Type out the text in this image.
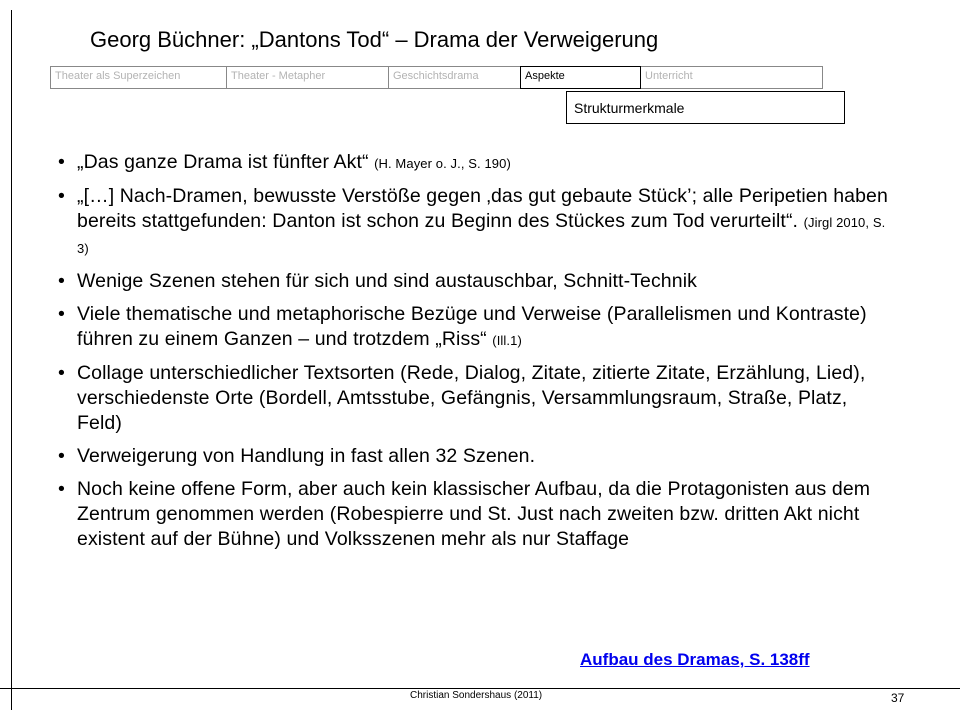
Georg Büchner: „Dantons Tod“ – Drama der Verweigerung
Theater als Superzeichen	Theater - Metapher	Geschichtsdrama	Aspekte	Unterricht
Strukturmerkmale
• „Das ganze Drama ist fünfter Akt“ (H. Mayer o. J., S. 190)
• „[…] Nach-Dramen, bewusste Verstöße gegen ‚das gut gebaute Stück’; alle Peripetien haben bereits stattgefunden: Danton ist schon zu Beginn des Stückes zum Tod verurteilt“. (Jirgl 2010, S. 3)
• Wenige Szenen stehen für sich und sind austauschbar, Schnitt-Technik
• Viele thematische und metaphorische Bezüge und Verweise (Parallelismen und Kontraste) führen zu einem Ganzen – und trotzdem „Riss“ (Ill.1)
• Collage unterschiedlicher Textsorten (Rede, Dialog, Zitate, zitierte Zitate, Erzählung, Lied), verschiedenste Orte (Bordell, Amtsstube, Gefängnis, Versammlungsraum, Straße, Platz, Feld)
• Verweigerung von Handlung in fast allen 32 Szenen.
• Noch keine offene Form, aber auch kein klassischer Aufbau, da die Protagonisten aus dem Zentrum genommen werden (Robespierre und St. Just nach zweiten bzw. dritten Akt nicht existent auf der Bühne) und Volksszenen mehr als nur Staffage
Aufbau des Dramas, S. 138ff
Christian Sondershaus (2011)	37
